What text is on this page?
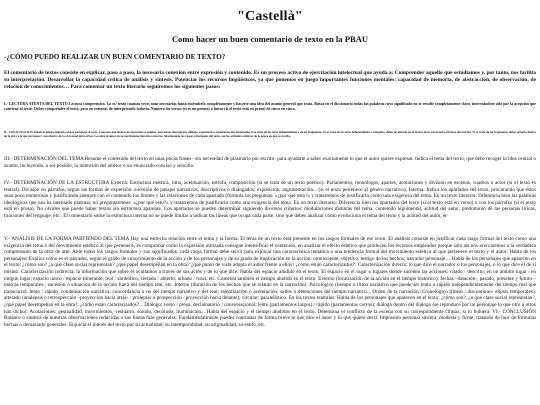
"Castellà"
Como hacer un buen comentario de texto en la PBAU
-¿CÓMO PUEDO REALIZAR UN BUEN COMENTARIO DE TEXTO?
El comentario de textos consiste en explicar, paso a paso, la necesaria conexión entre expresión y contenido. Es un proceso activo de ejercitación intelectual que ayuda a: Comprender aquello que estudiamos y, por tanto, nos facilita su interpretación. Desarrollar la capacidad crítica de análisis y síntesis. Potenciar los recursos lingüísticos, ya que ponemos en juego importantes funciones mentales: capacidad de memoria, de abstracción, de observación, de relación de conocimientos… Para comentar un texto literario seguiremos los siguientes pasos:
I.- LECTURA ATENTA DEL TEXTO Lectura comprensiva. Lo es! texto cuantas veces sean necesarias hasta entenderlo completamente y hacerte una idea del asunto general que trata. Busca en el diccionario todas las palabras cuyo significado no te resulte completamente claro, interesándote sólo por la acepción que conviene al texto. Debes comprender el texto, pero no tratarás de interpretarlo todavía. Numera los versos (si es un poema) o líneas (si el texto está en prosa) de cinco en cinco.
II.- LOCALIZACIÓN Señala el género literario al que pertenece el texto. Concreta qué técnica de expresión se emplea: narración, descripción, diálogo, exposición o argumentación. Determina si se trata de un texto independiente o de un fragmento; Si se trata de un texto independiente o completo, debes localizarlo en el marco de la trayectoria artística del escritor. Si se trata de un fragmento, debes situarlo dentro de la obra a la que pertenece y esta dentro de la obra total del escritor. Localiza al autor en su movimiento literario concreto, relacionando los rasgos principales del texto con las actitudes estéticas de la época en que se escribe.
III.- DETERMINACIÓN DEL TEMA Resume el contenido del texto en unas pocas frases –sin necesidad de plasmarlo por escrito- para ayudarte a saber exactamente lo que el autor quiere expresar. Indica el tema del texto, que debe recoger la idea central o asunto, incluyendo, a ser posible, la intención del emisor o un enunciado conciso y sencillo.
IV.- DETERMINACIÓN DE LA ESTRUCTURA Externa: Estructura métrica, rima, acentuación, estrofa, composición (si se trata de un texto poético). Parlamentos, monólogos, apartes, acotaciones y división en escenas, cuadros o actos (si el texto es teatral). División en párrafos, según las formas de expresión: sucesión de pasajes narrativos, descriptivos o dialogados; exposición, argumentación... (si el texto pertenece al género narrativo). Interna: Indica los apartados del texto, procurando que éstos sean poco numerosos y justificando siempre con el contenido los límites y las relaciones de cada apartado (formula las preguntas: «¿por qué esto?» y tratarremos de justificarlo como una exigencia del tema. En un texto literario: Diferencia bien las palabras ideológicas que nos ha intentado plasmar, no preguntaremos: «¿por qué esto?» y tratarremos de justificarlo como una exigencia del tema. En un texto literario: Diferencia bien los apartados del texto (si el texto está en verso) o con los párrafos (si el texto está en prosa). No olvides que puede haber textos sin estructura aparente. Los apartados se pueden determinar siguiendo diversos criterios: modulaciones distintas del tema, contenido argumental, actitud del autor, predominio de las personas líricas, funciones del lenguaje, etc.. El comentario sobre la estructura interna no se puede limitar a indicar las líneas que ocupa cada parte, sino que debes analizar cómo evoluciona el tema del texto y la actitud del autor, et
V.- ANÁLISIS DE LA FORMA PARTIENDO DEL TEMA Hay una estrecha relación entre el tema y la forma. El tema de un texto está presente en los rasgos formales de ese texto. El análisis consiste en justificar cada rasgo formal del texto como una exigencia del tema o del movimiento estético al que pertenece, es comprobar cómo la expresión utilizada consigue intensificar el contenido, en analizar el efecto estético que producen los recursos empleados porque sólo así nos acercaremos a la verdadera comprensión de la obra de arte. Ante todos los rasgos formales y sus significados: cada rasgo formal debe servir para explicar una característica temática o una tendencia formal del movimiento estético al que pertenece el texto y el autor. Habla de los personajes: Explica cómo es el narrador, según el grado de conocimiento de la acción y de los personajes y de su grado de implicación en la acción: omnisciente, objetivo, testigo de los hechos, narrador personaje… Habla de los personajes que aparecen en el texto: ¿cómo son? ¿a qué clase social representan? ¿qué papel desempeñan en la obra? ¿qué punto de vista adopta el autor frente a ellos? ¿cómo están caracterizados?: Caracterización directa: lo que dice el narrador o los personajes, o lo que dice él de sí mismo. Caracterización indirecta: la información que sobre él ocultamos a través de sus actos y de lo que dice. Habla del espacio aludido en el texto. El espacio en el lugar o lugares donde suceden las acciones: citado / descrito; en un ámbito lugar / en ningún lugar; espacio único / espacio itinerante; real / simbólico; cerrado / abierto; urbano / rural, etc. Comenta también el tiempo aludido en el texto: Externo (localización de la acción en el tiempo histórico): fechas –datación-, pasado, presente y futuro –marcas temporales-, sucesión o situación de la acción fuera del tiempo real, etc. Interno (duración de los hechos que se relatan en la narración). Psicológico (tiempo o ritmo narrativo que puede ser lento o rápido independientemente del tiempo real que transcurra): lento / rápido, condensación narrativa; concordancia o no del tiempo narrativo y del real; ralentización o aceleración; saltos o detenciones del tiempo narrativo... Orden de la narración: Cronológico (lineal / discontinuo- elipsis temporales); alterado (analepsis o retrospección –proyección hacia atrás- / prolepsis o prospección –proyección hacia delante); circular; paralelístico. En los textos teatrales: Habla de los personajes que aparecen en el texto: ¿cómo son?, ¿a qué clase social representan?, ¿qué papel desempeñan en la obra?, ¿cómo están caracterizados?... Diálogo: verso / prosa, declamatorio / conversacional; lento (parlamentos largos) / rápido (parlamentos cortos); diálogo dentro del diálogo (se reproduce por un personaje lo que otro u otros han dicho). Acotaciones: gestualidad, movimientos, vestuario, sonido, decorado, iluminación... Habla del espacio y el tiempo aludidos en el texto. Determina el conflicto de la escena con su correspondiente clímax, si lo hubiera. VI.- CONCLUSIÓN Balance o síntesis de nuestras observaciones reducidas a sus líneas más generales. Fundamentalmente puedes contrastar de forma breve lo que dice el autor y lo que quiere decir. Impresión personal sincera, modesta y firme, tratando de huir de fórmulas hechas o demasiado generales. Enjuicia el interés del texto por su actualidad, su intemporalidad, su originalidad, su estilo, etc.
